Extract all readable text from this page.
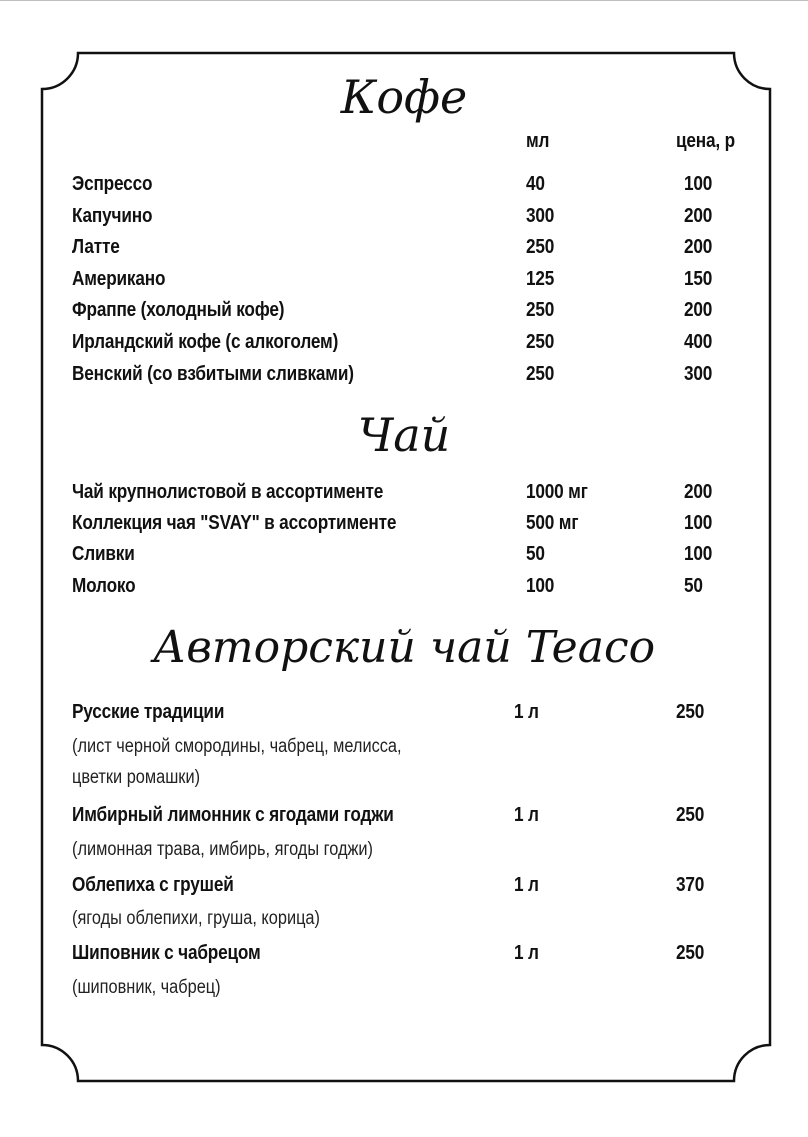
Кофе
мл	цена, р
Эспрессо	40	100
Капучино	300	200
Латте	250	200
Американо	125	150
Фраппе (холодный кофе)	250	200
Ирландский кофе (с алкоголем)	250	400
Венский (со взбитыми сливками)	250	300
Чай
Чай крупнолистовой в ассортименте	1000 мг	200
Коллекция чая "SVAY" в ассортименте	500 мг	100
Сливки	50	100
Молоко	100	50
Авторский чай Teaco
Русские традиции	1 л	250
(лист черной смородины, чабрец, мелисса,
цветки ромашки)
Имбирный лимонник с ягодами годжи	1 л	250
(лимонная трава, имбирь, ягоды годжи)
Облепиха с грушей	1 л	370
(ягоды облепихи, груша, корица)
Шиповник с чабрецом	1 л	250
(шиповник, чабрец)
